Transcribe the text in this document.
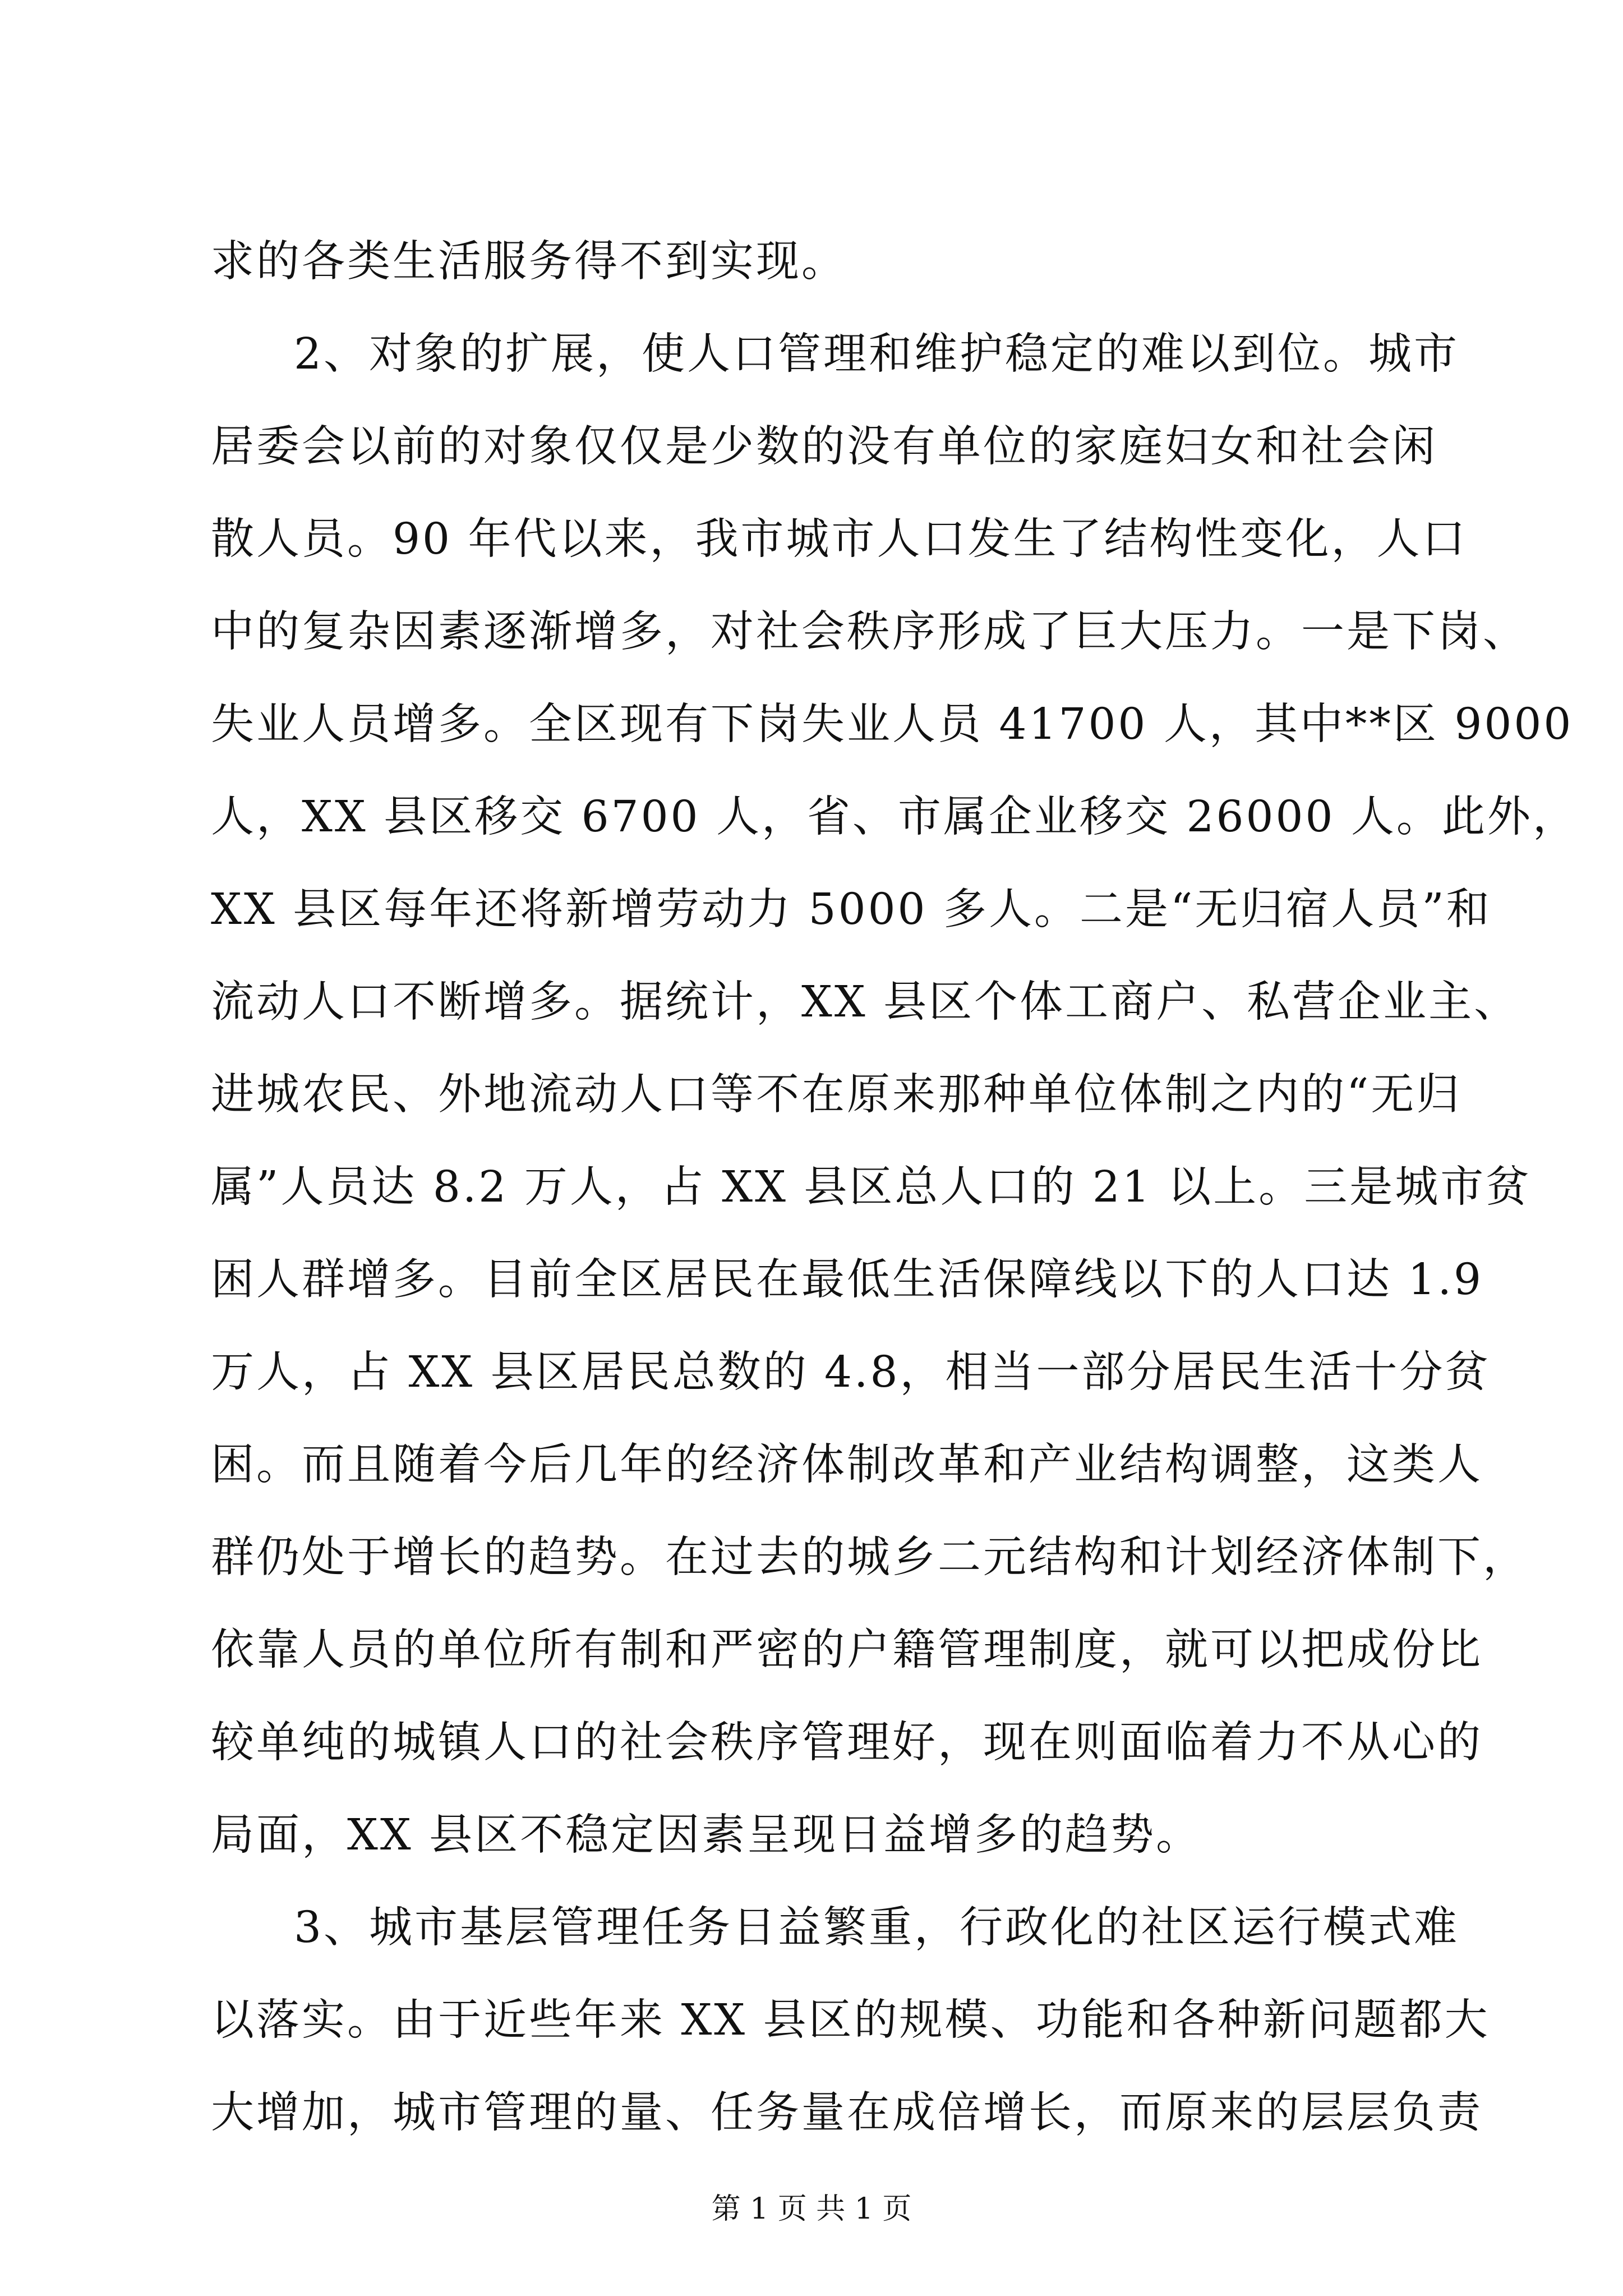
求的各类生活服务得不到实现。
2、对象的扩展，使人口管理和维护稳定的难以到位。城市
居委会以前的对象仅仅是少数的没有单位的家庭妇女和社会闲
散人员。90 年代以来，我市城市人口发生了结构性变化，人口
中的复杂因素逐渐增多，对社会秩序形成了巨大压力。一是下岗、
失业人员增多。全区现有下岗失业人员 41700 人，其中**区 9000
人，XX 县区移交 6700 人，省、市属企业移交 26000 人。此外，
XX 县区每年还将新增劳动力 5000 多人。二是“无归宿人员”和
流动人口不断增多。据统计，XX 县区个体工商户、私营企业主、
进城农民、外地流动人口等不在原来那种单位体制之内的“无归
属”人员达 8.2 万人，占 XX 县区总人口的 21 以上。三是城市贫
困人群增多。目前全区居民在最低生活保障线以下的人口达 1.9
万人，占 XX 县区居民总数的 4.8，相当一部分居民生活十分贫
困。而且随着今后几年的经济体制改革和产业结构调整，这类人
群仍处于增长的趋势。在过去的城乡二元结构和计划经济体制下，
依靠人员的单位所有制和严密的户籍管理制度，就可以把成份比
较单纯的城镇人口的社会秩序管理好，现在则面临着力不从心的
局面，XX 县区不稳定因素呈现日益增多的趋势。
3、城市基层管理任务日益繁重，行政化的社区运行模式难
以落实。由于近些年来 XX 县区的规模、功能和各种新问题都大
大增加，城市管理的量、任务量在成倍增长，而原来的层层负责
第 1 页 共 1 页
